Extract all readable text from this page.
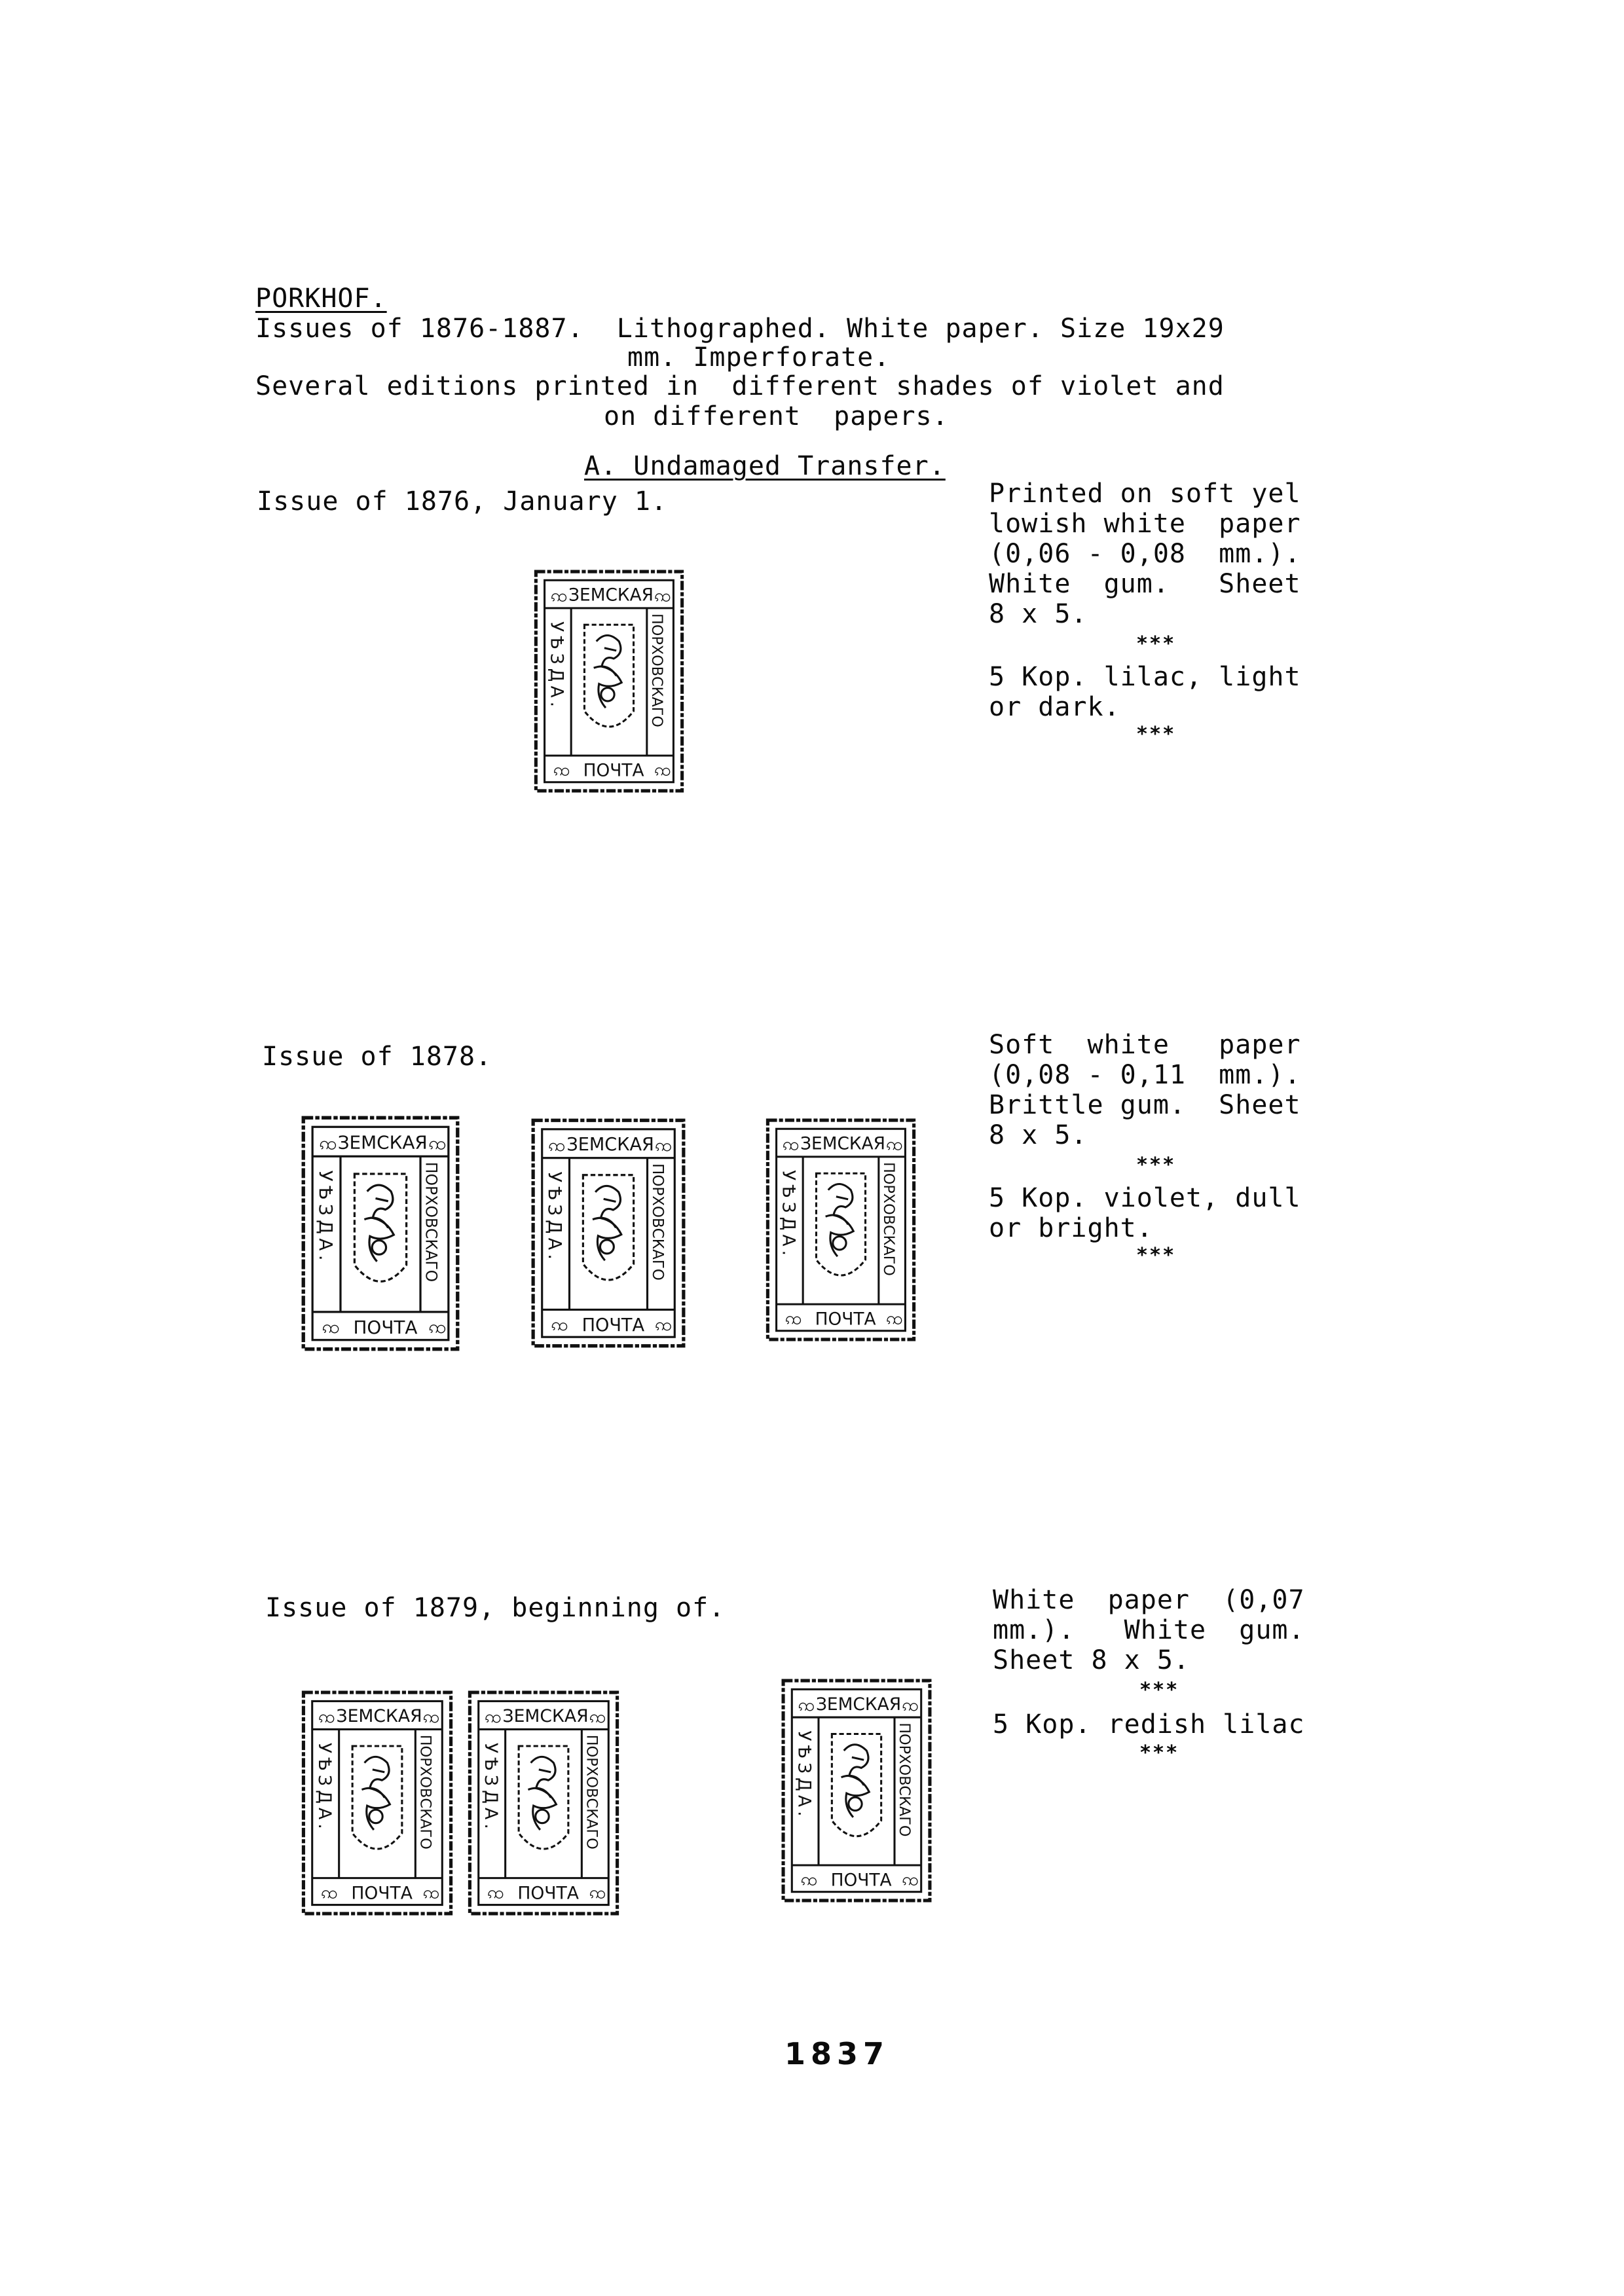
PORKHOF.
Issues of 1876-1887.  Lithographed. White paper. Size 19x29
mm. Imperforate.
Several editions printed in  different shades of violet and
on different  papers.
A. Undamaged Transfer.
Issue of 1876, January 1.	Printed on soft yel
lowish white  paper
(0,06 - 0,08  mm.).
White  gum.   Sheet
8 x 5.
***
5 Kop. lilac, light
or dark.
***
Issue of 1878.	Soft  white   paper
(0,08 - 0,11  mm.).
Brittle gum.  Sheet
8 x 5.
***
5 Kop. violet, dull
or bright.
***
Issue of 1879, beginning of.	White  paper  (0,07
mm.).   White  gum.
Sheet 8 x 5.
***
5 Kop. redish lilac
***
ЗЕМСКАЯ
ПОЧТА
УѢЗДА.	ПОРХОВСКАГО
ꩡ	ꩡ
ꩡ	ꩡ
ЗЕМСКАЯ
ПОЧТА
УѢЗДА.	ПОРХОВСКАГО
ꩡ	ꩡ
ꩡ	ꩡ
ЗЕМСКАЯ
ПОЧТА
УѢЗДА.	ПОРХОВСКАГО
ꩡ	ꩡ
ꩡ	ꩡ
ЗЕМСКАЯ
ПОЧТА
УѢЗДА.	ПОРХОВСКАГО
ꩡ	ꩡ
ꩡ	ꩡ
ЗЕМСКАЯ
ПОЧТА
УѢЗДА.	ПОРХОВСКАГО
ꩡ	ꩡ
ꩡ	ꩡ
ЗЕМСКАЯ
ПОЧТА
УѢЗДА.	ПОРХОВСКАГО
ꩡ	ꩡ
ꩡ	ꩡ
ЗЕМСКАЯ
ПОЧТА
УѢЗДА.	ПОРХОВСКАГО
ꩡ	ꩡ
ꩡ	ꩡ
1837
